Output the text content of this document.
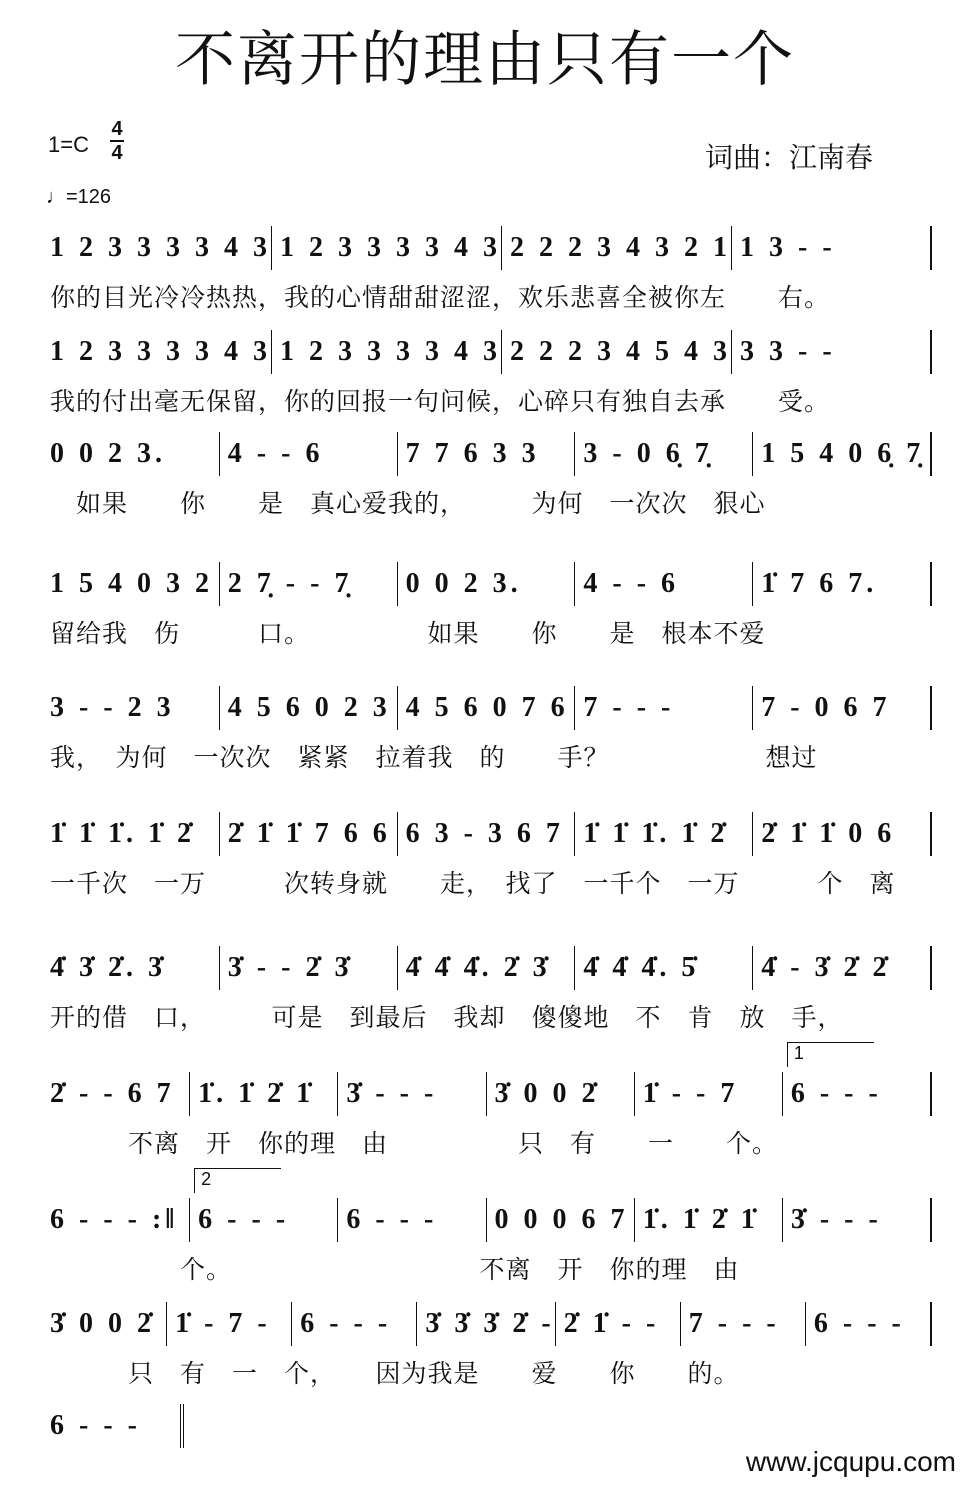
不离开的理由只有一个
1=C
4
4
♩=126
词曲：江南春
1 2 3 3 3 3 4 3 1 2 3 3 3 3 4 3 2 2 2 3 4 3 2 1 1 3 - -
你的目光冷冷热热，我的心情甜甜涩涩，欢乐悲喜全被你左　　右。
1 2 3 3 3 3 4 3 1 2 3 3 3 3 4 3 2 2 2 3 4 5 4 3 3 3 - -
我的付出毫无保留，你的回报一句问候，心碎只有独自去承　　受。
0 0 2 3. 4 - - 6	7 7 6 3 3 3 - 0 6̣ 7̣ 1 5 4 0 6̣ 7̣
　如果　　你　　是　真心爱我的，　　　为何　一次次　狠心
1 5 4 0 3 2 2 7̣ - - 7̣ 0 0 2 3. 4 - - 6	1̇ 7 6 7.
留给我　伤　　　口。　　　　　如果　　你　　是　根本不爱
3 - - 2 3 4 5 6 0 2 3 4 5 6 0 7 6 7 - - -	7 - 0 6 7
我，　为何　一次次　紧紧　拉着我　的　　手？　　　　　　想过
1̇ 1̇ 1̇. 1̇ 2̇ 2̇ 1̇ 1̇ 7 6 6 6 3 - 3 6 7 1̇ 1̇ 1̇. 1̇ 2̇ 2̇ 1̇ 1̇ 0 6
一千次　一万　　　次转身就　　走，　找了　一千个　一万　　　个　离
4̇ 3̇ 2̇. 3̇ 3̇ - - 2̇ 3̇ 4̇ 4̇ 4̇. 2̇ 3̇ 4̇ 4̇ 4̇. 5̇ 4̇ - 3̇ 2̇ 2̇
开的借　口，　　　可是　到最后　我却　傻傻地　不　肯　放　手，
2̇ - - 6 7 1̇. 1̇ 2̇ 1̇ 3̇ - - - 3̇ 0 0 2̇ 1̇ - - 7 6 - - -
1
　　　不离　开　你的理　由　　　　　只　有　　一　　个。
6 - - - :‖ 6 - - -
2
6 - - - 0 0 0 6 7 1̇. 1̇ 2̇ 1̇ 3̇ - - -
　　　　　个。　　　　　　　　　　不离　开　你的理　由
3̇ 0 0 2̇ 1̇ - 7 - 6 - - - 3̇ 3̇ 3̇ 2̇ - 2̇ 1̇ - - 7 - - - 6 - - -
　　　只　有　一　个，　　因为我是　　爱　　你　　的。
6 - - -
www.jcqupu.com
